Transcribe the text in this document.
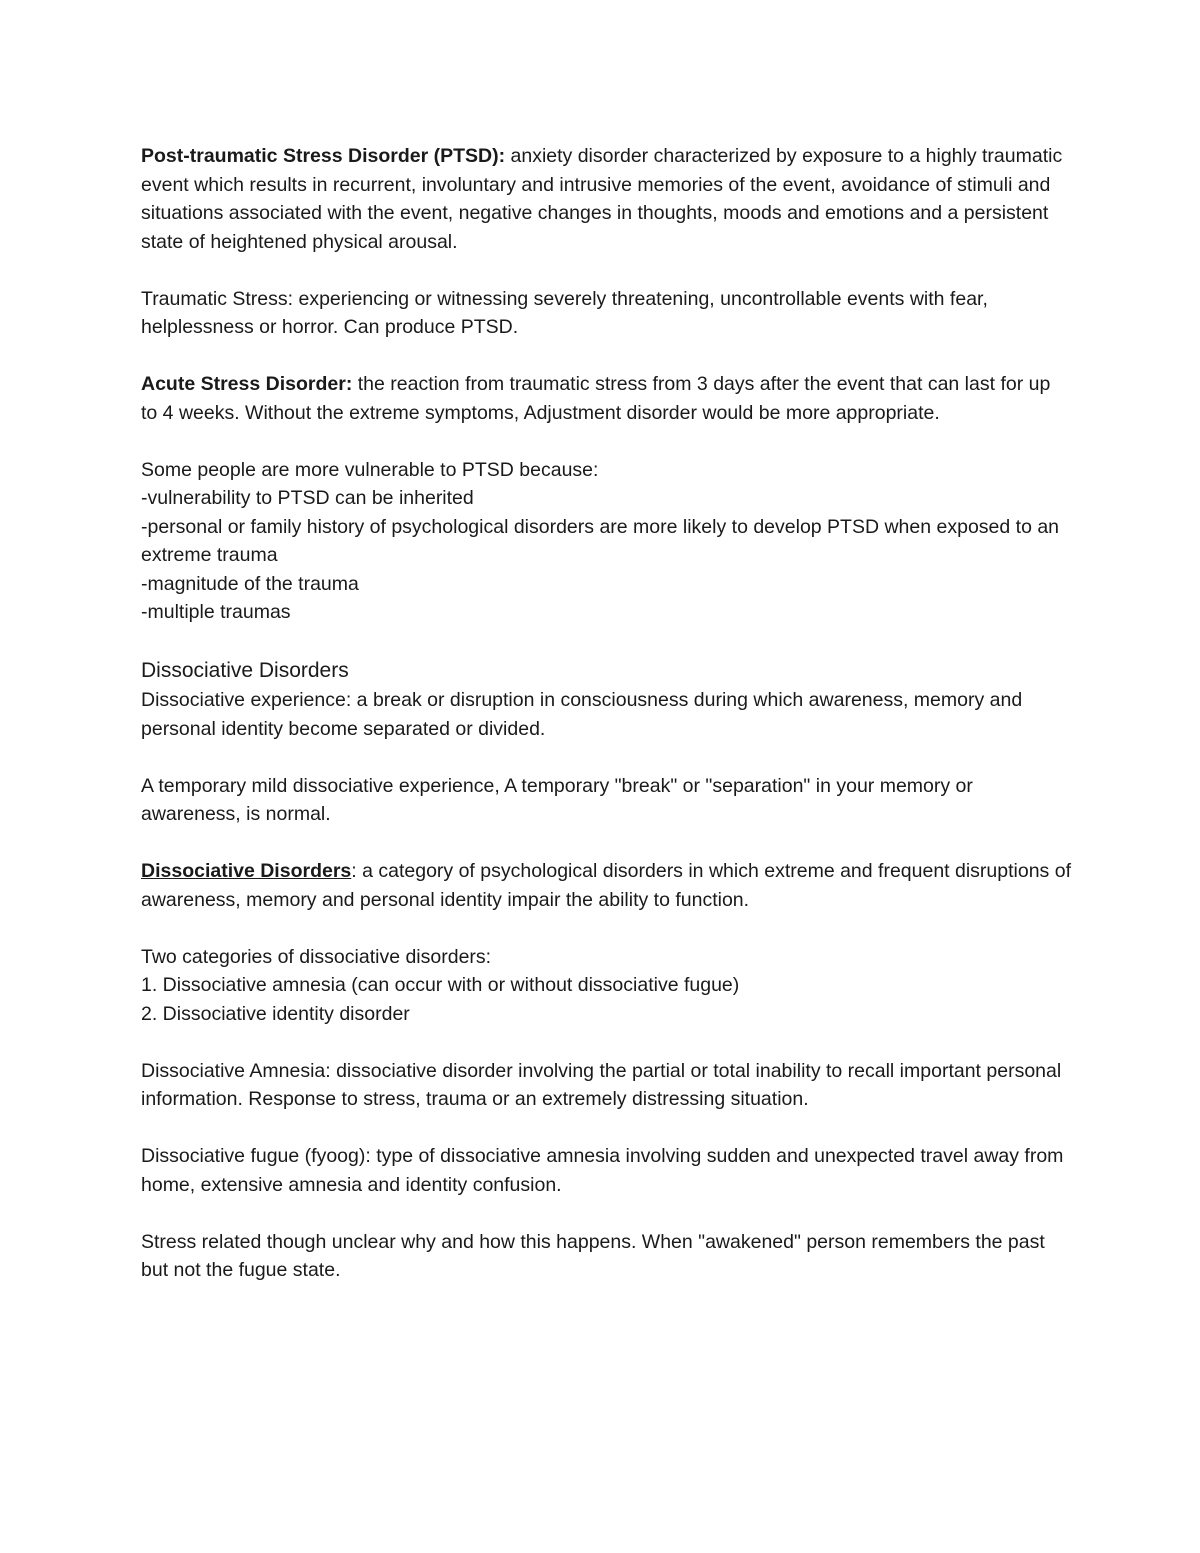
Post-traumatic Stress Disorder (PTSD): anxiety disorder characterized by exposure to a highly traumatic event which results in recurrent, involuntary and intrusive memories of the event, avoidance of stimuli and situations associated with the event, negative changes in thoughts, moods and emotions and a persistent state of heightened physical arousal.

Traumatic Stress: experiencing or witnessing severely threatening, uncontrollable events with fear, helplessness or horror. Can produce PTSD.

Acute Stress Disorder: the reaction from traumatic stress from 3 days after the event that can last for up to 4 weeks. Without the extreme symptoms, Adjustment disorder would be more appropriate.

Some people are more vulnerable to PTSD because:
-vulnerability to PTSD can be inherited
-personal or family history of psychological disorders are more likely to develop PTSD when exposed to an extreme trauma
-magnitude of the trauma
-multiple traumas
Dissociative Disorders

Dissociative experience: a break or disruption in consciousness during which awareness, memory and personal identity become separated or divided.

A temporary mild dissociative experience, A temporary "break" or "separation" in your memory or awareness, is normal.

Dissociative Disorders: a category of psychological disorders in which extreme and frequent disruptions of awareness, memory and personal identity impair the ability to function.

Two categories of dissociative disorders:
1. Dissociative amnesia (can occur with or without dissociative fugue)
2. Dissociative identity disorder

Dissociative Amnesia: dissociative disorder involving the partial or total inability to recall important personal information. Response to stress, trauma or an extremely distressing situation.

Dissociative fugue (fyoog): type of dissociative amnesia involving sudden and unexpected travel away from home, extensive amnesia and identity confusion.

Stress related though unclear why and how this happens. When "awakened" person remembers the past but not the fugue state.
